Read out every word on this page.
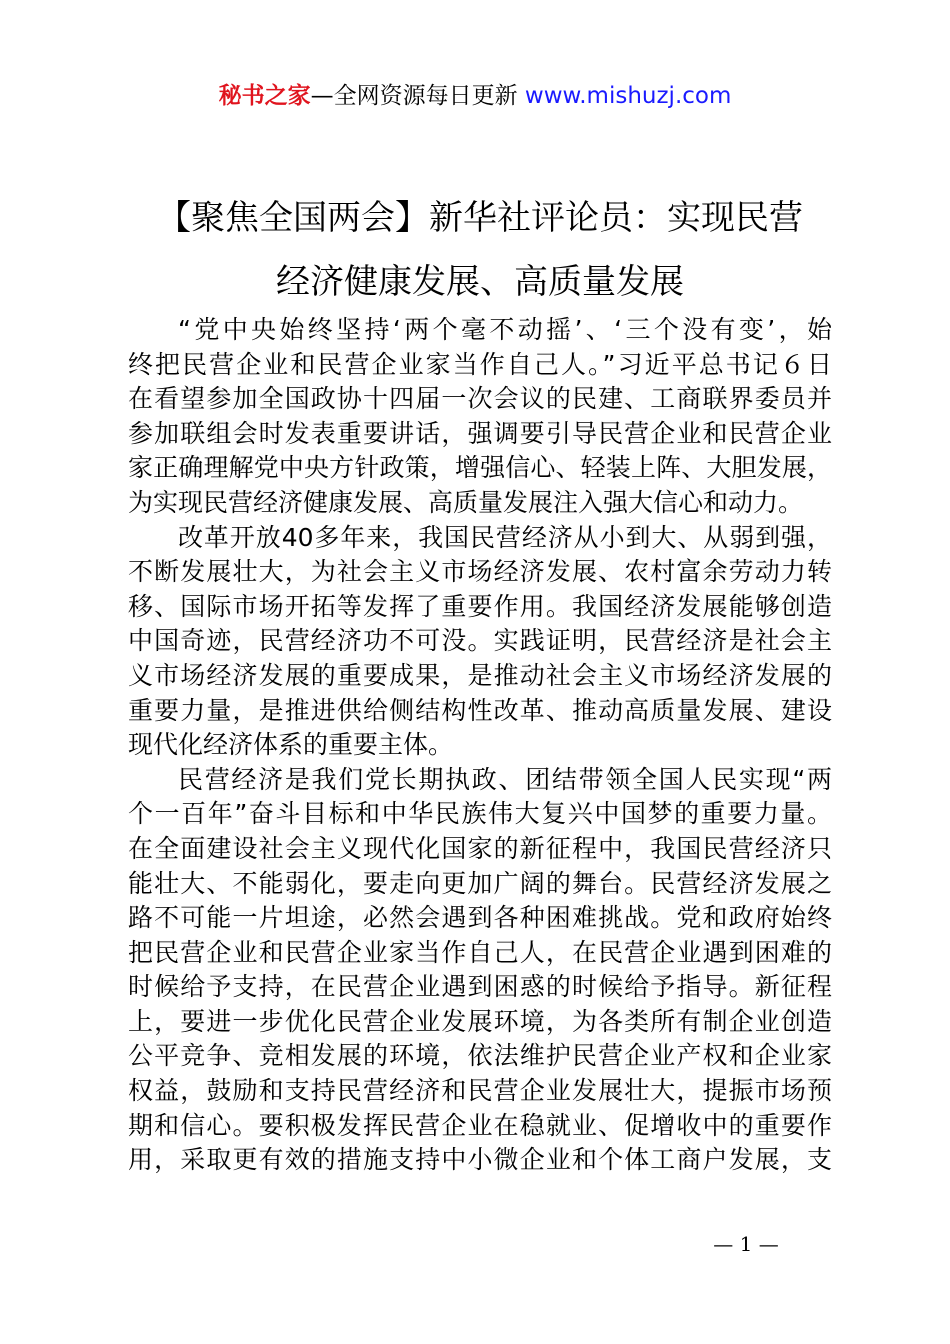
秘书之家—全网资源每日更新 www.mishuzj.com
【聚焦全国两会】新华社评论员：实现民营
经济健康发展、高质量发展
“党中央始终坚持‘两个毫不动摇’、‘三个没有变’，始
终把民营企业和民营企业家当作自己人。”习近平总书记６日
在看望参加全国政协十四届一次会议的民建、工商联界委员并
参加联组会时发表重要讲话，强调要引导民营企业和民营企业
家正确理解党中央方针政策，增强信心、轻装上阵、大胆发展，
为实现民营经济健康发展、高质量发展注入强大信心和动力。
改革开放40多年来，我国民营经济从小到大、从弱到强，
不断发展壮大，为社会主义市场经济发展、农村富余劳动力转
移、国际市场开拓等发挥了重要作用。我国经济发展能够创造
中国奇迹，民营经济功不可没。实践证明，民营经济是社会主
义市场经济发展的重要成果，是推动社会主义市场经济发展的
重要力量，是推进供给侧结构性改革、推动高质量发展、建设
现代化经济体系的重要主体。
民营经济是我们党长期执政、团结带领全国人民实现“两
个一百年”奋斗目标和中华民族伟大复兴中国梦的重要力量。
在全面建设社会主义现代化国家的新征程中，我国民营经济只
能壮大、不能弱化，要走向更加广阔的舞台。民营经济发展之
路不可能一片坦途，必然会遇到各种困难挑战。党和政府始终
把民营企业和民营企业家当作自己人，在民营企业遇到困难的
时候给予支持，在民营企业遇到困惑的时候给予指导。新征程
上，要进一步优化民营企业发展环境，为各类所有制企业创造
公平竞争、竞相发展的环境，依法维护民营企业产权和企业家
权益，鼓励和支持民营经济和民营企业发展壮大，提振市场预
期和信心。要积极发挥民营企业在稳就业、促增收中的重要作
用，采取更有效的措施支持中小微企业和个体工商户发展，支
— 1 —
